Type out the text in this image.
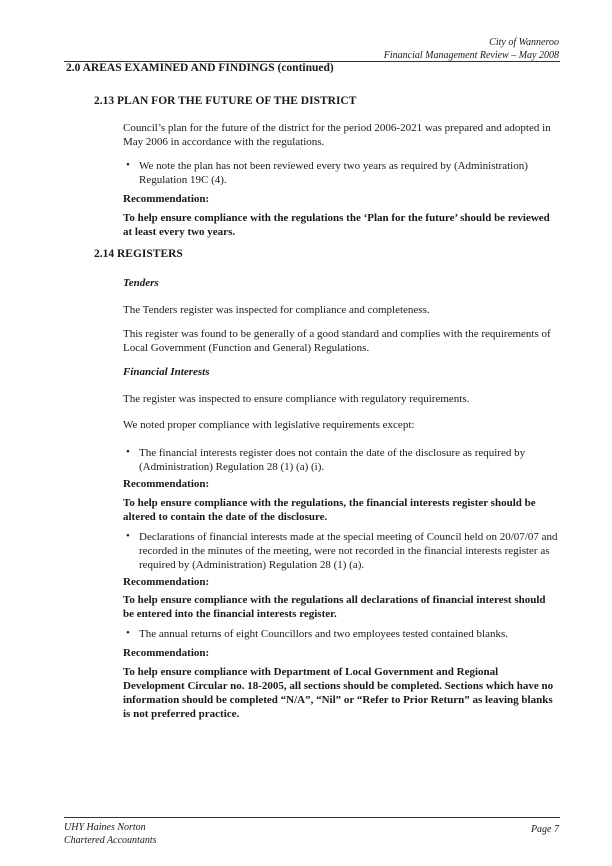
City of Wanneroo
Financial Management Review – May 2008
2.0 AREAS EXAMINED AND FINDINGS (continued)
2.13 PLAN FOR THE FUTURE OF THE DISTRICT
Council’s plan for the future of the district for the period 2006-2021 was prepared and adopted in May 2006 in accordance with the regulations.
• We note the plan has not been reviewed every two years as required by (Administration) Regulation 19C (4).
Recommendation:
To help ensure compliance with the regulations the ‘Plan for the future’ should be reviewed at least every two years.
2.14 REGISTERS
Tenders
The Tenders register was inspected for compliance and completeness.
This register was found to be generally of a good standard and complies with the requirements of Local Government (Function and General) Regulations.
Financial Interests
The register was inspected to ensure compliance with regulatory requirements.
We noted proper compliance with legislative requirements except:
• The financial interests register does not contain the date of the disclosure as required by (Administration) Regulation 28 (1) (a) (i).
Recommendation:
To help ensure compliance with the regulations, the financial interests register should be altered to contain the date of the disclosure.
• Declarations of financial interests made at the special meeting of Council held on 20/07/07 and recorded in the minutes of the meeting, were not recorded in the financial interests register as required by (Administration) Regulation 28 (1) (a).
Recommendation:
To help ensure compliance with the regulations all declarations of financial interest should be entered into the financial interests register.
• The annual returns of eight Councillors and two employees tested contained blanks.
Recommendation:
To help ensure compliance with Department of Local Government and Regional Development Circular no. 18-2005, all sections should be completed. Sections which have no information should be completed “N/A”, “Nil” or “Refer to Prior Return” as leaving blanks is not preferred practice.
UHY Haines Norton
Chartered Accountants
Page 7
